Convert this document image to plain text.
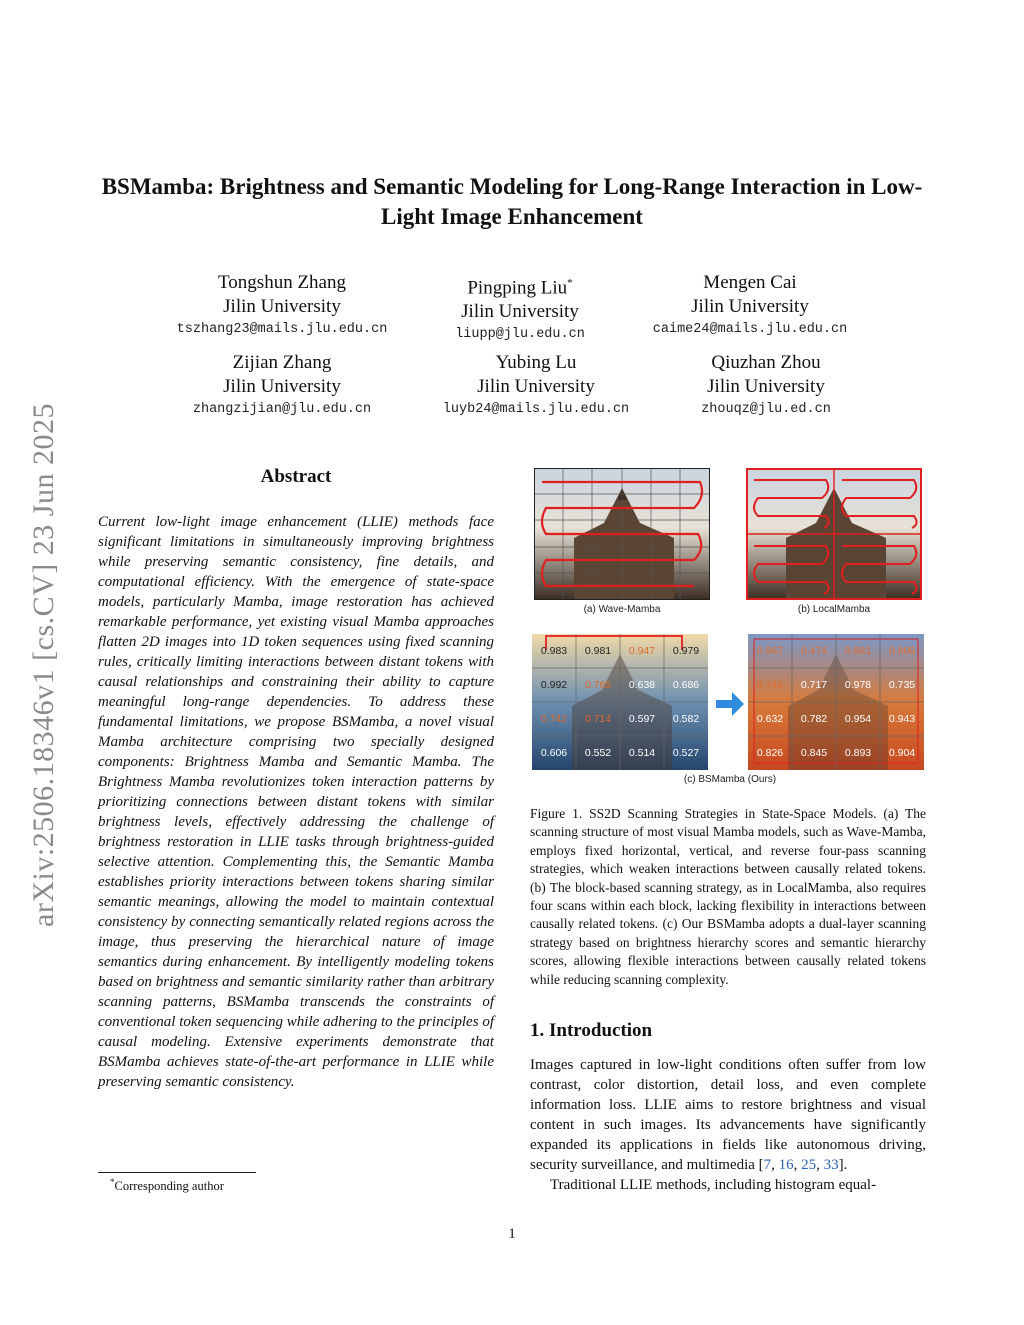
arXiv:2506.18346v1 [cs.CV] 23 Jun 2025
BSMamba: Brightness and Semantic Modeling for Long-Range Interaction in Low-Light Image Enhancement
Tongshun Zhang
Jilin University
tszhang23@mails.jlu.edu.cn
Pingping Liu*
Jilin University
liupp@jlu.edu.cn
Mengen Cai
Jilin University
caime24@mails.jlu.edu.cn
Zijian Zhang
Jilin University
zhangzijian@jlu.edu.cn
Yubing Lu
Jilin University
luyb24@mails.jlu.edu.cn
Qiuzhan Zhou
Jilin University
zhouqz@jlu.ed.cn
Abstract
Current low-light image enhancement (LLIE) methods face significant limitations in simultaneously improving brightness while preserving semantic consistency, fine details, and computational efficiency. With the emergence of state-space models, particularly Mamba, image restoration has achieved remarkable performance, yet existing visual Mamba approaches flatten 2D images into 1D token sequences using fixed scanning rules, critically limiting interactions between distant tokens with causal relationships and constraining their ability to capture meaningful long-range dependencies. To address these fundamental limitations, we propose BSMamba, a novel visual Mamba architecture comprising two specially designed components: Brightness Mamba and Semantic Mamba. The Brightness Mamba revolutionizes token interaction patterns by prioritizing connections between distant tokens with similar brightness levels, effectively addressing the challenge of brightness restoration in LLIE tasks through brightness-guided selective attention. Complementing this, the Semantic Mamba establishes priority interactions between tokens sharing similar semantic meanings, allowing the model to maintain contextual consistency by connecting semantically related regions across the image, thus preserving the hierarchical nature of image semantics during enhancement. By intelligently modeling tokens based on brightness and semantic similarity rather than arbitrary scanning patterns, BSMamba transcends the constraints of conventional token sequencing while adhering to the principles of causal modeling. Extensive experiments demonstrate that BSMamba achieves state-of-the-art performance in LLIE while preserving semantic consistency.
*Corresponding author
(a) Wave-Mamba	(b) LocalMamba
0.983	0.981	0.947	0.979
0.992	0.765	0.638	0.686
0.742	0.714	0.597	0.582
0.606	0.552	0.514	0.527
0.967	0.474	0.881	0.806
0.746	0.717	0.978	0.735
0.632	0.782	0.954	0.943
0.826	0.845	0.893	0.904
(c) BSMamba (Ours)
Figure 1. SS2D Scanning Strategies in State-Space Models. (a) The scanning structure of most visual Mamba models, such as Wave-Mamba, employs fixed horizontal, vertical, and reverse four-pass scanning strategies, which weaken interactions between causally related tokens. (b) The block-based scanning strategy, as in LocalMamba, also requires four scans within each block, lacking flexibility in interactions between causally related tokens. (c) Our BSMamba adopts a dual-layer scanning strategy based on brightness hierarchy scores and semantic hierarchy scores, allowing flexible interactions between causally related tokens while reducing scanning complexity.
1. Introduction
Images captured in low-light conditions often suffer from low contrast, color distortion, detail loss, and even complete information loss. LLIE aims to restore brightness and visual content in such images. Its advancements have significantly expanded its applications in fields like autonomous driving, security surveillance, and multimedia [7, 16, 25, 33].
Traditional LLIE methods, including histogram equal-
1
